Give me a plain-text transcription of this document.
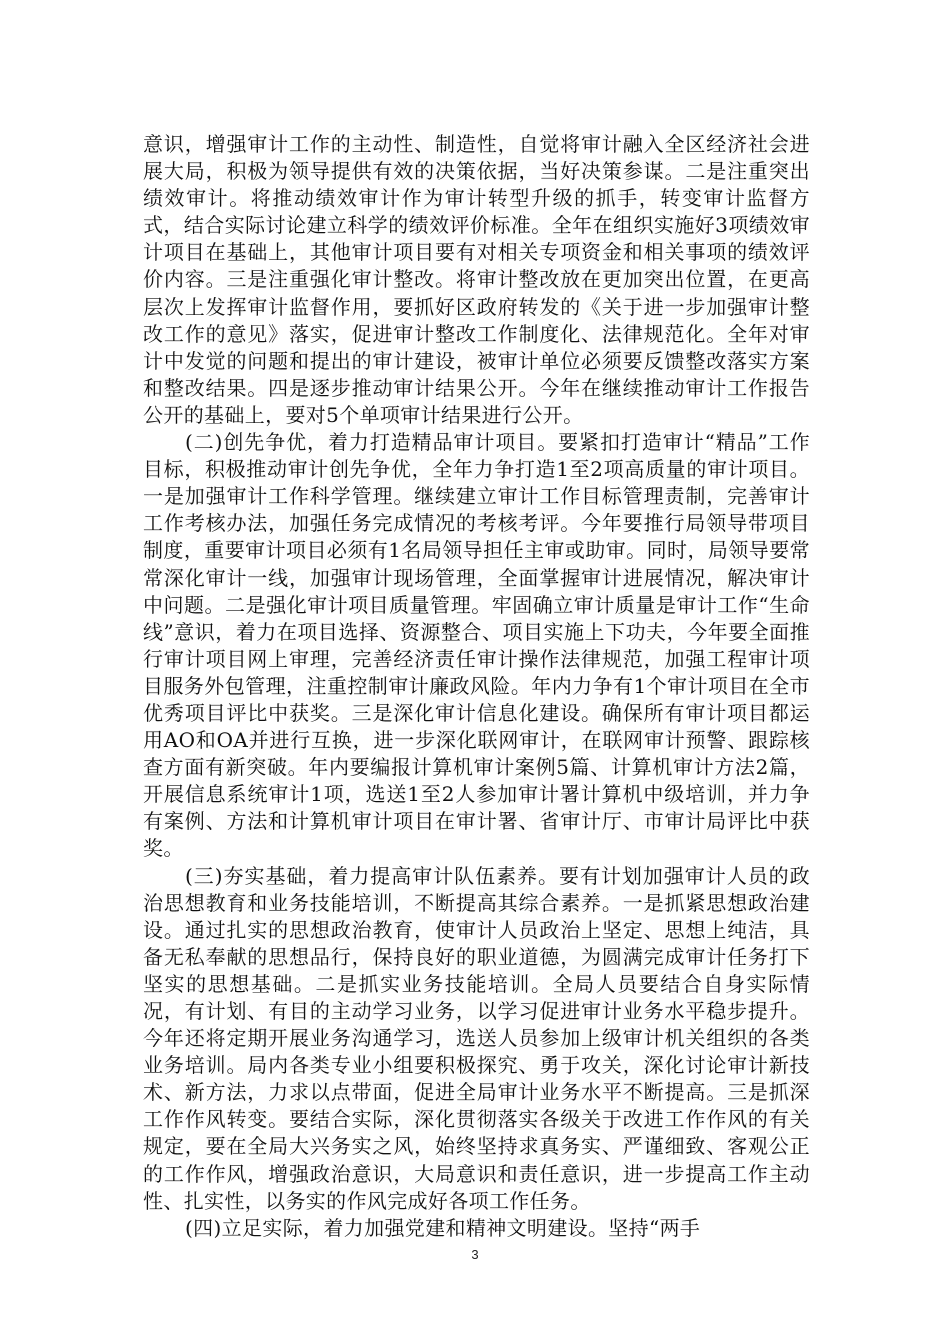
意识，增强审计工作的主动性、制造性，自觉将审计融入全区经济社会进展大局，积极为领导提供有效的决策依据，当好决策参谋。二是注重突出绩效审计。将推动绩效审计作为审计转型升级的抓手，转变审计监督方式，结合实际讨论建立科学的绩效评价标准。全年在组织实施好3项绩效审计项目在基础上，其他审计项目要有对相关专项资金和相关事项的绩效评价内容。三是注重强化审计整改。将审计整改放在更加突出位置，在更高层次上发挥审计监督作用，要抓好区政府转发的《关于进一步加强审计整改工作的意见》落实，促进审计整改工作制度化、法律规范化。全年对审计中发觉的问题和提出的审计建设，被审计单位必须要反馈整改落实方案和整改结果。四是逐步推动审计结果公开。今年在继续推动审计工作报告公开的基础上，要对5个单项审计结果进行公开。

(二)创先争优，着力打造精品审计项目。要紧扣打造审计“精品”工作目标，积极推动审计创先争优，全年力争打造1至2项高质量的审计项目。一是加强审计工作科学管理。继续建立审计工作目标管理责制，完善审计工作考核办法，加强任务完成情况的考核考评。今年要推行局领导带项目制度，重要审计项目必须有1名局领导担任主审或助审。同时，局领导要常常深化审计一线，加强审计现场管理，全面掌握审计进展情况，解决审计中问题。二是强化审计项目质量管理。牢固确立审计质量是审计工作“生命线”意识，着力在项目选择、资源整合、项目实施上下功夫，今年要全面推行审计项目网上审理，完善经济责任审计操作法律规范，加强工程审计项目服务外包管理，注重控制审计廉政风险。年内力争有1个审计项目在全市优秀项目评比中获奖。三是深化审计信息化建设。确保所有审计项目都运用AO和OA并进行互换，进一步深化联网审计，在联网审计预警、跟踪核查方面有新突破。年内要编报计算机审计案例5篇、计算机审计方法2篇，开展信息系统审计1项，选送1至2人参加审计署计算机中级培训，并力争有案例、方法和计算机审计项目在审计署、省审计厅、市审计局评比中获奖。

(三)夯实基础，着力提高审计队伍素养。要有计划加强审计人员的政治思想教育和业务技能培训，不断提高其综合素养。一是抓紧思想政治建设。通过扎实的思想政治教育，使审计人员政治上坚定、思想上纯洁，具备无私奉献的思想品行，保持良好的职业道德，为圆满完成审计任务打下坚实的思想基础。二是抓实业务技能培训。全局人员要结合自身实际情况，有计划、有目的主动学习业务，以学习促进审计业务水平稳步提升。今年还将定期开展业务沟通学习，选送人员参加上级审计机关组织的各类业务培训。局内各类专业小组要积极探究、勇于攻关，深化讨论审计新技术、新方法，力求以点带面，促进全局审计业务水平不断提高。三是抓深工作作风转变。要结合实际，深化贯彻落实各级关于改进工作作风的有关规定，要在全局大兴务实之风，始终坚持求真务实、严谨细致、客观公正的工作作风，增强政治意识，大局意识和责任意识，进一步提高工作主动性、扎实性，以务实的作风完成好各项工作任务。

(四)立足实际，着力加强党建和精神文明建设。坚持“两手

3
